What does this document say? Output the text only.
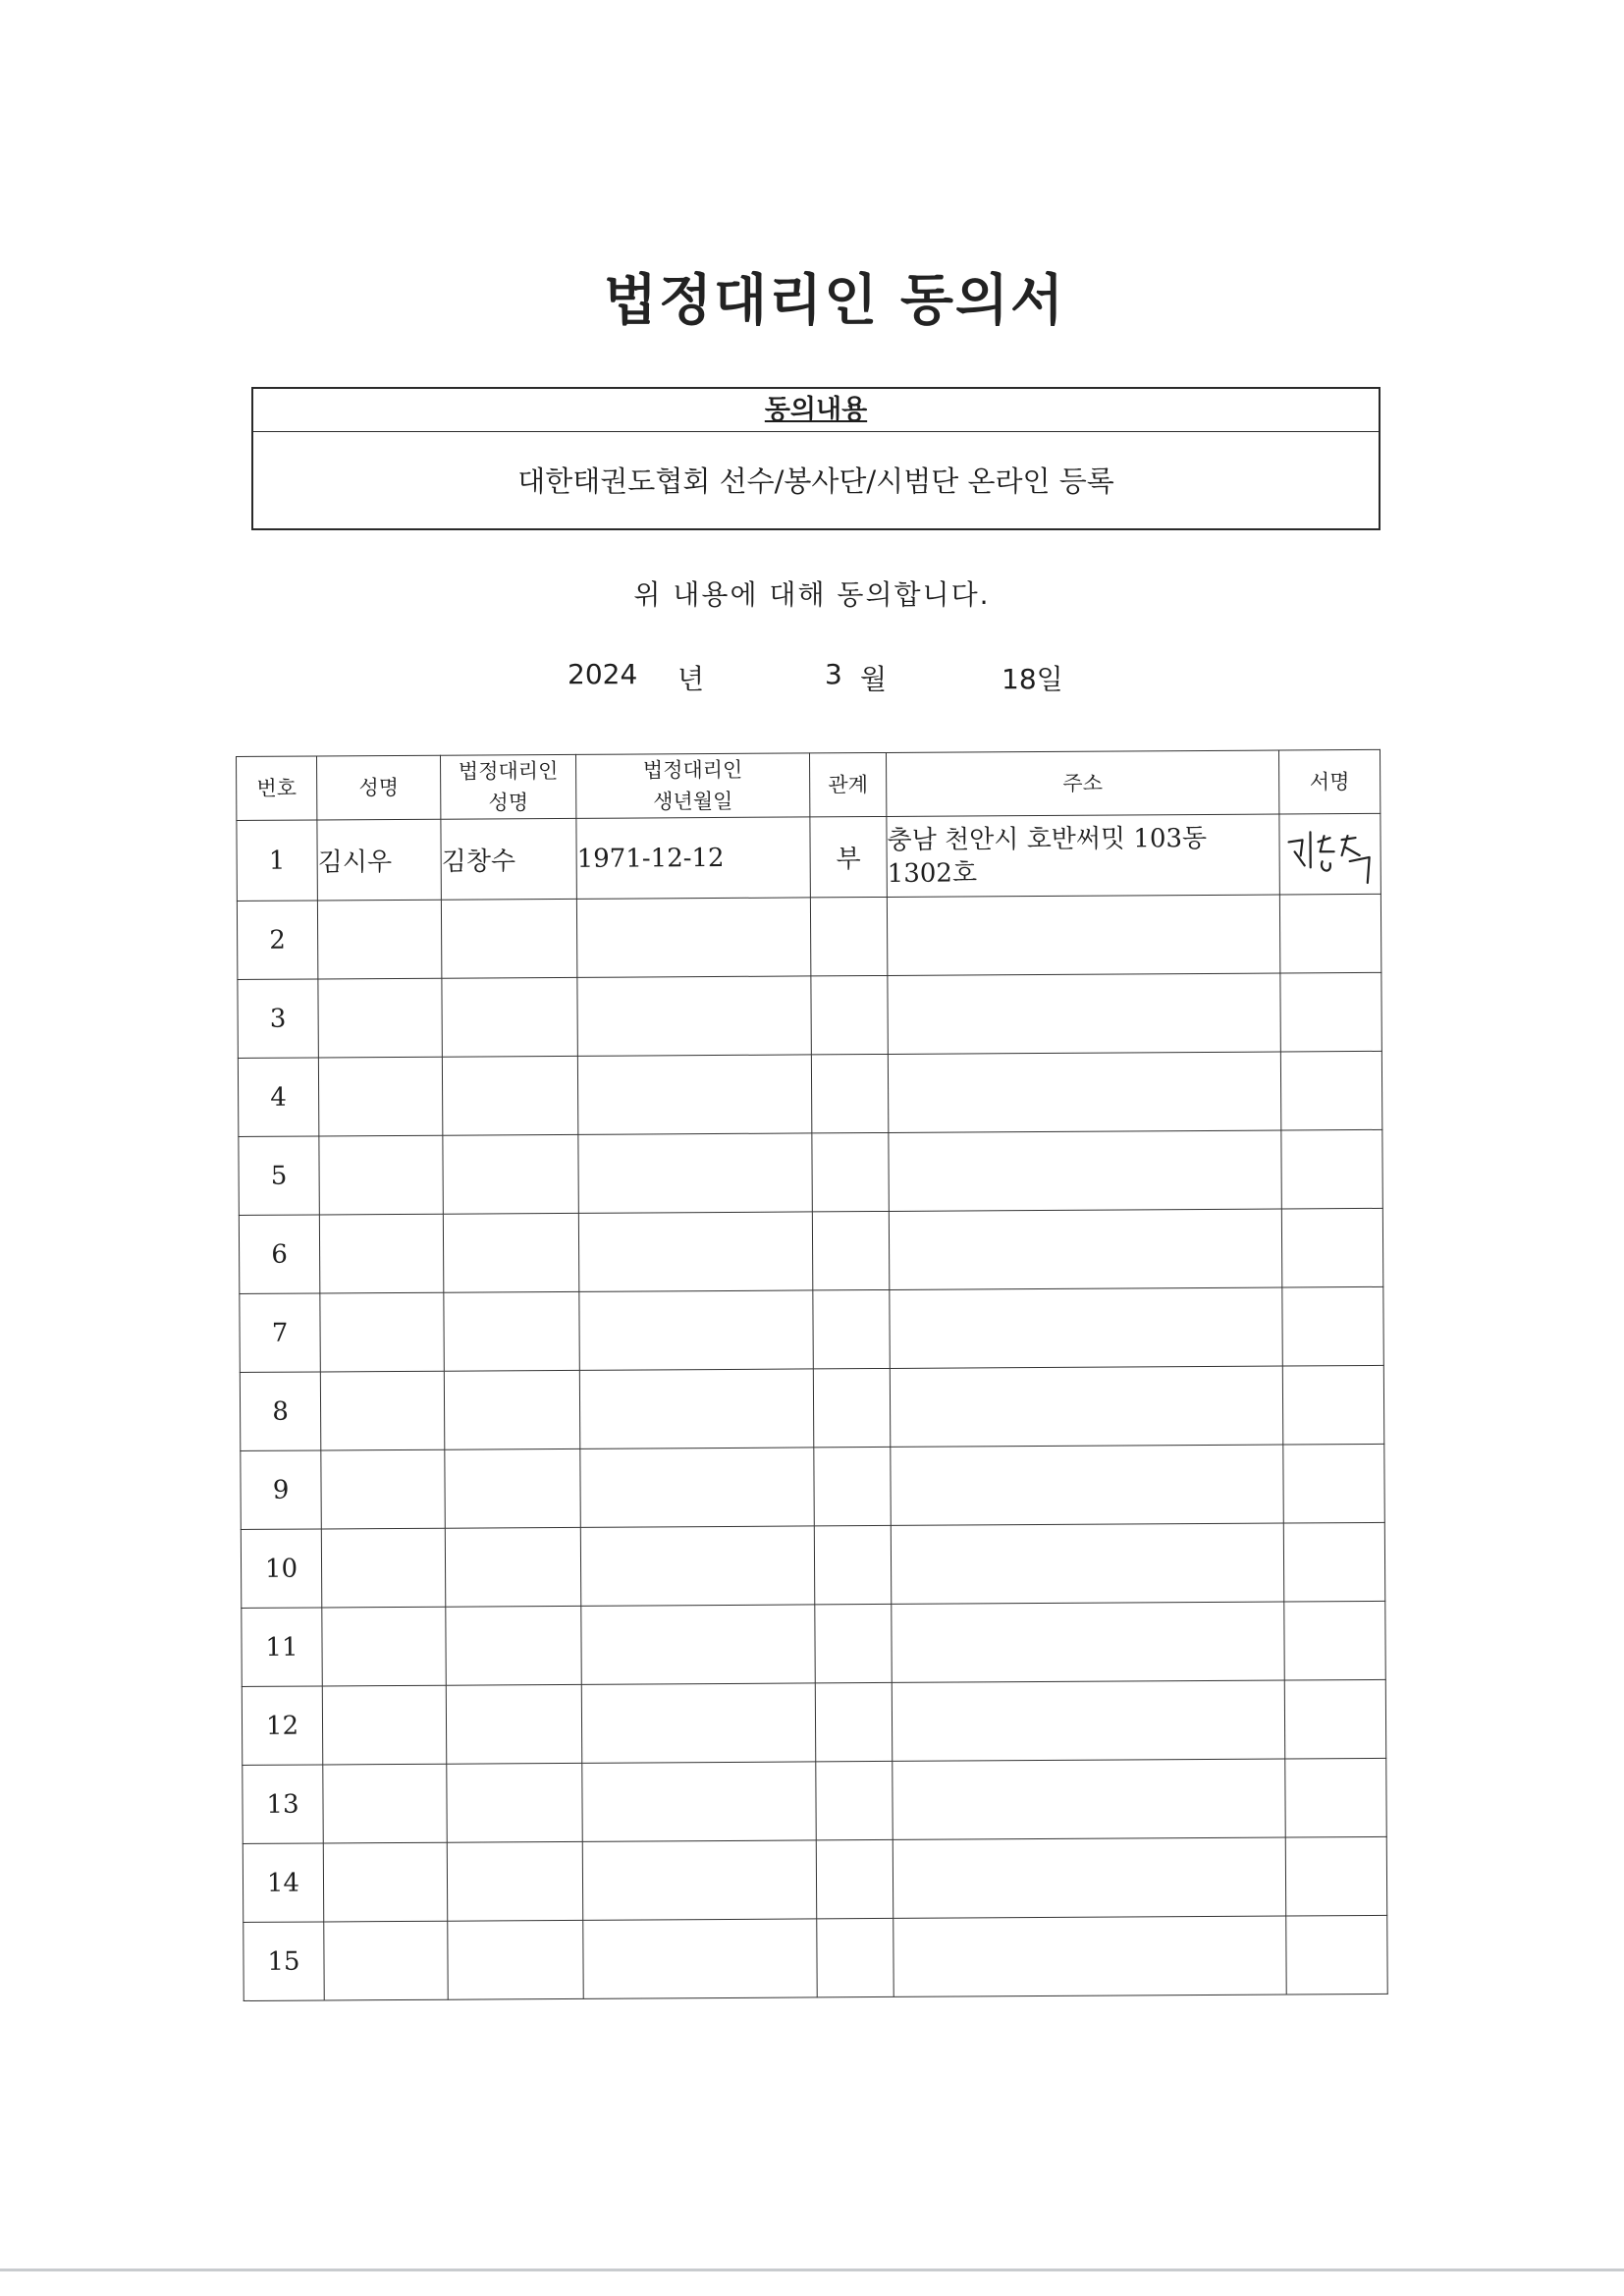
법정대리인 동의서
동의내용
대한태권도협회 선수/봉사단/시범단 온라인 등록
위 내용에 대해 동의합니다.
2024 년	3 월	18일
번호	성명	법정대리인 성명	법정대리인 생년월일	관계	주소	서명
1	김시우	김창수	1971-12-12	부	충남 천안시 호반써밋 103동 1302호	

2						
3						
4						
5						
6						
7						
8						
9						
10						
11						
12						
13						
14						
15						
